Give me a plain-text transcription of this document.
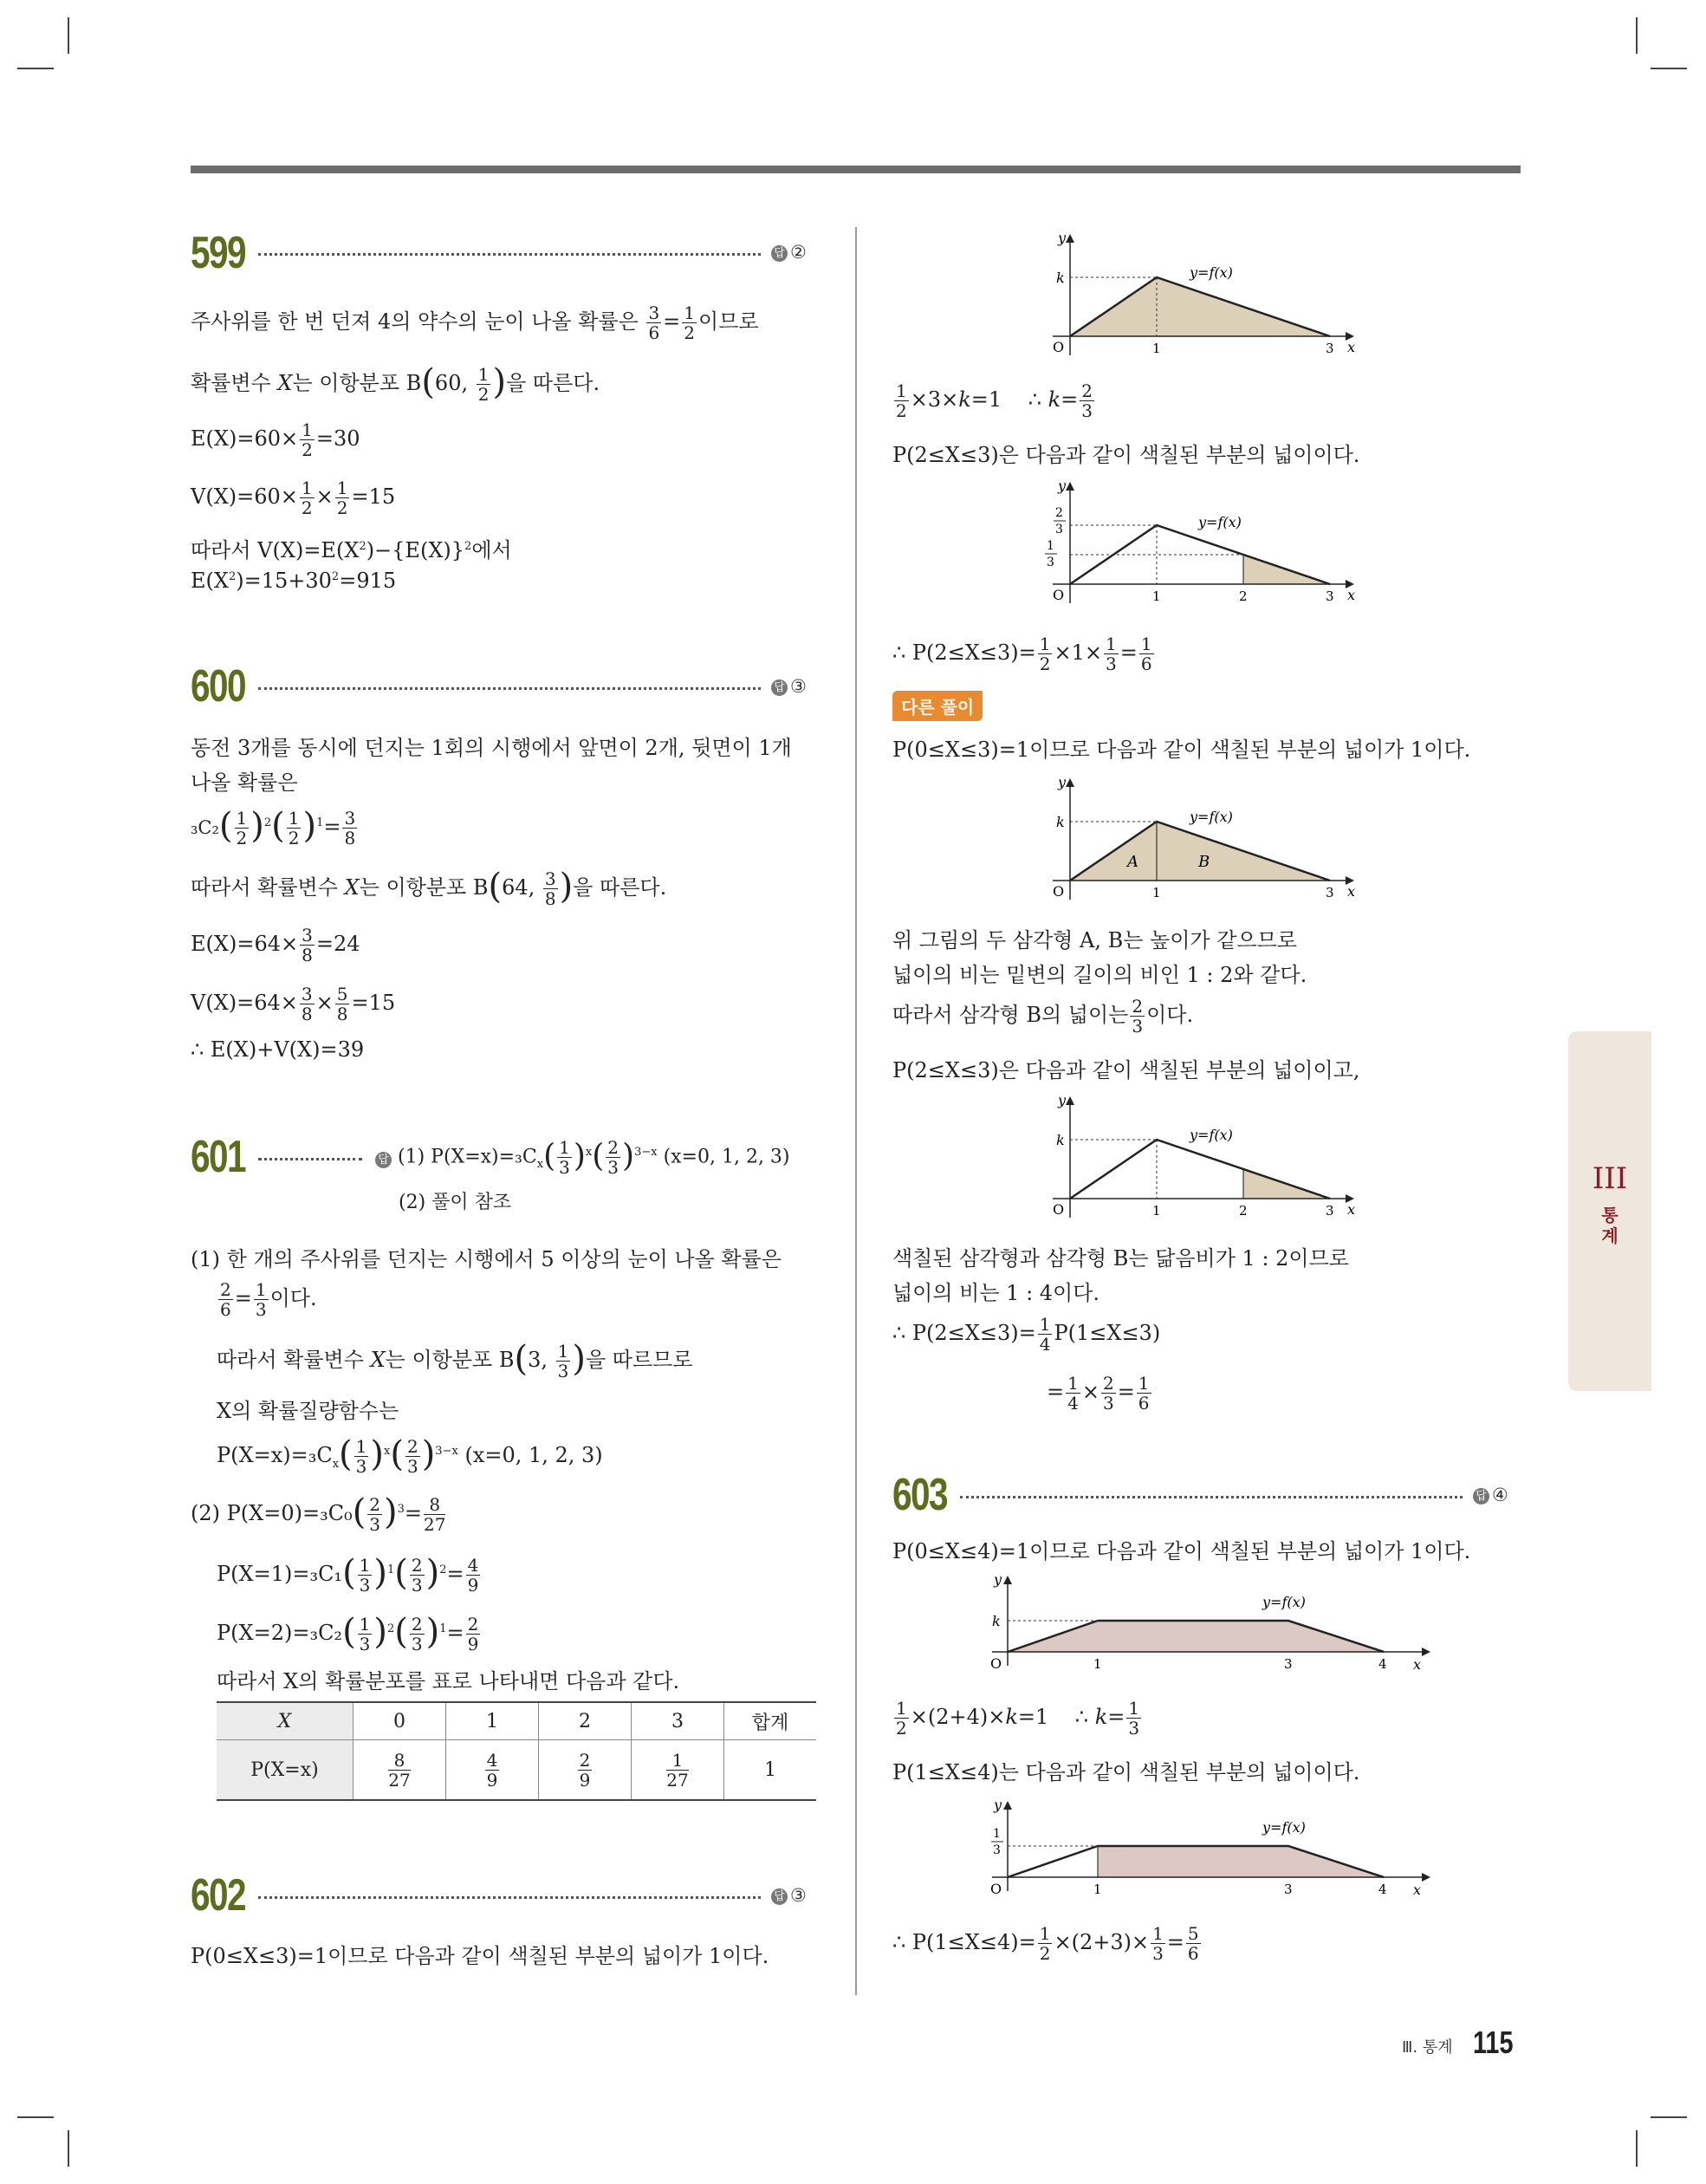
599	답 ②
주사위를 한 번 던져 4의 약수의 눈이 나올 확률은 $\frac{3}{6} = \frac{1}{2}$ 이므로
확률변수 X는 이항분포 B(60, $\frac{1}{2}$ )을 따른다.
$E(X)=60\times \frac{1}{2} =30$
$V(X)=60\times \frac{1}{2} \times \frac{1}{2} =15$
따라서 $V(X)=E(X^2)-\{E(X)\}^2$에서
$E(X^2)=15+30^2=915$
600	답 ③
동전 3개를 동시에 던지는 1회의 시행에서 앞면이 2개, 뒷면이 1개
나올 확률은
$_3C_2( \frac{1}{2} )^2( \frac{1}{2} )^1= \frac{3}{8}$
따라서 확률변수 X는 이항분포 B(64, $\frac{3}{8}$ )을 따른다.
$E(X)=64\times \frac{3}{8} =24$
$V(X)=64\times \frac{3}{8} \times \frac{5}{8} =15$
∴ E(X)+V(X)=39
601	답 (1) $P(X=x)=_3C_x( \frac{1}{3} )^x( \frac{2}{3} )^{3-x}$ (x=0, 1, 2, 3)
(2) 풀이 참조
(1) 한 개의 주사위를 던지는 시행에서 5 이상의 눈이 나올 확률은
$\frac{2}{6} = \frac{1}{3}$ 이다.
따라서 확률변수 X는 이항분포 B(3, $\frac{1}{3}$ )을 따르므로
X의 확률질량함수는
$P(X=x)=_3C_x( \frac{1}{3} )^x( \frac{2}{3} )^{3-x}$ (x=0, 1, 2, 3)
(2) $P(X=0)=_3C_0( \frac{2}{3} )^3= \frac{8}{27}$
$P(X=1)=_3C_1( \frac{1}{3} )^1( \frac{2}{3} )^2= \frac{4}{9}$
$P(X=2)=_3C_2( \frac{1}{3} )^2( \frac{2}{3} )^1= \frac{2}{9}$
따라서 X의 확률분포를 표로 나타내면 다음과 같다.
X	0	1	2	3	합계
P(X=x)	$\frac{8}{27}$	$\frac{4}{9}$	$\frac{2}{9}$	$\frac{1}{27}$	1
602	답 ③
P(0≤X≤3)=1이므로 다음과 같이 색칠된 부분의 넓이가 1이다.
y
x
O
k
1	3
y=f(x)
$\frac{1}{2} \times 3\times k=1$ ∴ $k= \frac{2}{3}$
P(2≤X≤3)은 다음과 같이 색칠된 부분의 넓이이다.
y
x
O
2
3
1
3
1	2	3
y=f(x)
∴ $P(2\le X\le 3)= \frac{1}{2} \times 1\times \frac{1}{3} = \frac{1}{6}$
다른 풀이
P(0≤X≤3)=1이므로 다음과 같이 색칠된 부분의 넓이가 1이다.
y
x
O
k
1	3
A	B
y=f(x)
위 그림의 두 삼각형 A, B는 높이가 같으므로
넓이의 비는 밑변의 길이의 비인 1 : 2와 같다.
따라서 삼각형 B의 넓이는 $\frac{2}{3}$ 이다.
P(2≤X≤3)은 다음과 같이 색칠된 부분의 넓이이고,
y
x
O
k
1	2	3
y=f(x)
색칠된 삼각형과 삼각형 B는 닮음비가 1 : 2이므로
넓이의 비는 1 : 4이다.
∴ $P(2\le X\le 3)= \frac{1}{4} P(1\le X\le 3)$
= $\frac{1}{4} \times \frac{2}{3} = \frac{1}{6}$
603	답 ④
P(0≤X≤4)=1이므로 다음과 같이 색칠된 부분의 넓이가 1이다.
y
x
O
k
1	3	4
y=f(x)
$\frac{1}{2} \times(2+4)\times k=1$ ∴ $k= \frac{1}{3}$
P(1≤X≤4)는 다음과 같이 색칠된 부분의 넓이이다.
y
x
O
1
3
1	3	4
y=f(x)
∴ $P(1\le X\le 4)= \frac{1}{2} \times(2+3)\times \frac{1}{3} = \frac{5}{6}$
III
통계
Ⅲ. 통계 115
